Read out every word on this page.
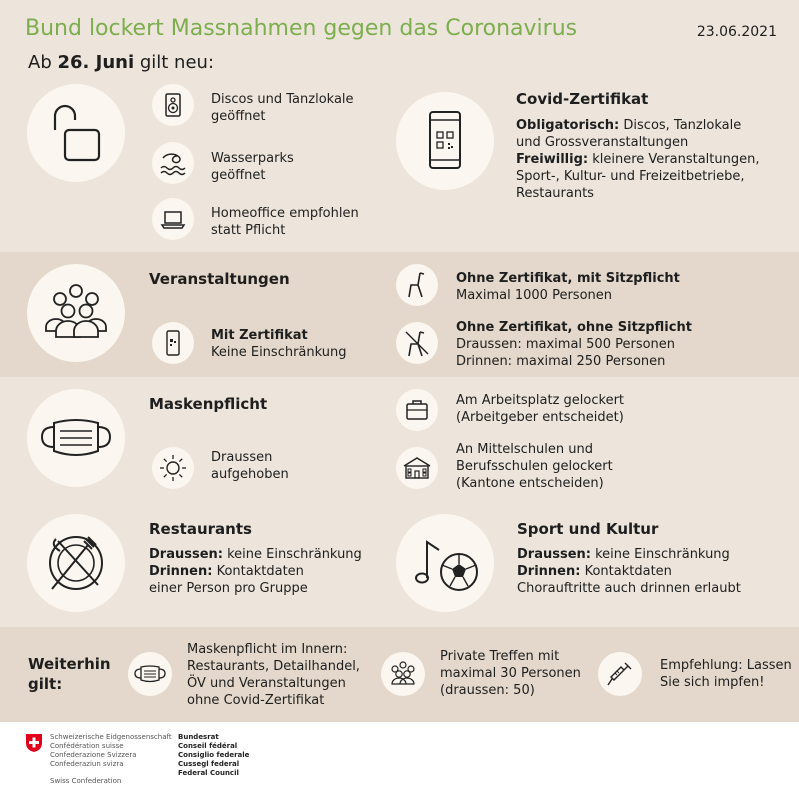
Bund lockert Massnahmen gegen das Coronavirus	23.06.2021
Ab 26. Juni gilt neu:
Discos und Tanzlokale
geöffnet
Wasserparks
geöffnet
Homeoffice empfohlen
statt Pflicht
Covid-Zertifikat
Obligatorisch: Discos, Tanzlokale
und Grossveranstaltungen
Freiwillig: kleinere Veranstaltungen,
Sport-, Kultur- und Freizeitbetriebe,
Restaurants
Veranstaltungen
Mit Zertifikat
Keine Einschränkung
Ohne Zertifikat, mit Sitzpflicht
Maximal 1000 Personen
Ohne Zertifikat, ohne Sitzpflicht
Draussen: maximal 500 Personen
Drinnen: maximal 250 Personen
Maskenpflicht
Draussen
aufgehoben
Am Arbeitsplatz gelockert
(Arbeitgeber entscheidet)
An Mittelschulen und
Berufsschulen gelockert
(Kantone entscheiden)
Restaurants
Draussen: keine Einschränkung
Drinnen: Kontaktdaten
einer Person pro Gruppe
Sport und Kultur
Draussen: keine Einschränkung
Drinnen: Kontaktdaten
Chorauftritte auch drinnen erlaubt
Weiterhin
gilt:
Maskenpflicht im Innern:
Restaurants, Detailhandel,
ÖV und Veranstaltungen
ohne Covid-Zertifikat
Private Treffen mit
maximal 30 Personen
(draussen: 50)
Empfehlung: Lassen
Sie sich impfen!
Schweizerische Eidgenossenschaft
Confédération suisse
Confederazione Svizzera
Confederaziun svizra
Swiss Confederation
Bundesrat
Conseil fédéral
Consiglio federale
Cussegl federal
Federal Council
